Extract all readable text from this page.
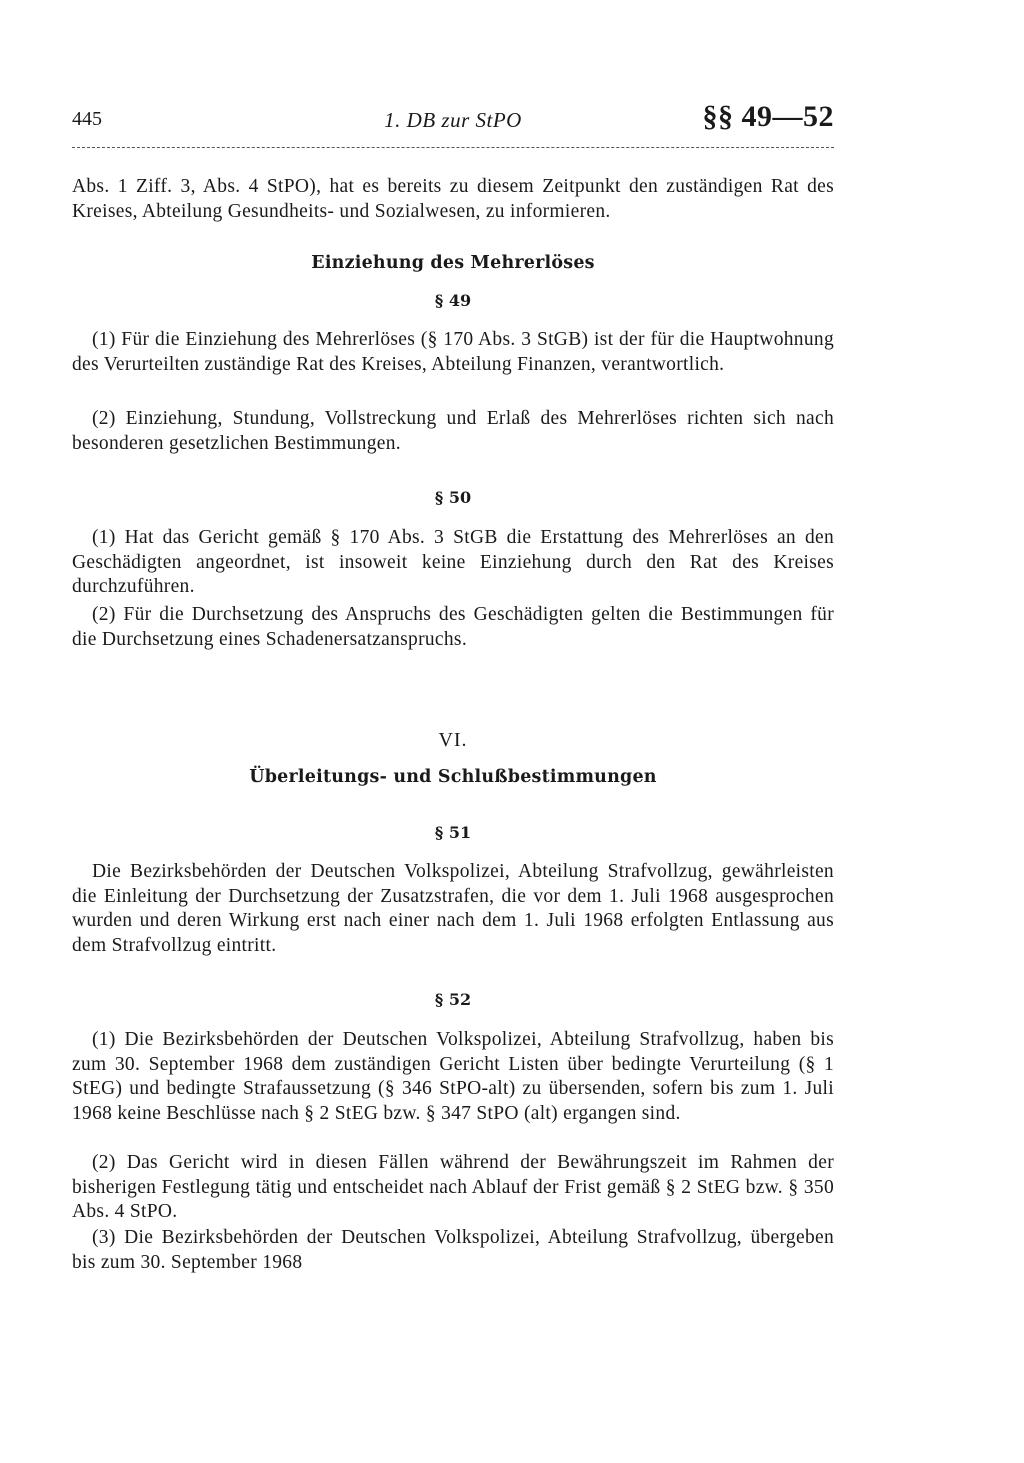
445	1. DB zur StPO	§§ 49—52

Abs. 1 Ziff. 3, Abs. 4 StPO), hat es bereits zu diesem Zeitpunkt den zuständigen Rat des Kreises, Abteilung Gesundheits- und Sozialwesen, zu informieren.

Einziehung des Mehrerlöses

§ 49

(1) Für die Einziehung des Mehrerlöses (§ 170 Abs. 3 StGB) ist der für die Hauptwohnung des Verurteilten zuständige Rat des Kreises, Abteilung Finanzen, verantwortlich.

(2) Einziehung, Stundung, Vollstreckung und Erlaß des Mehrerlöses richten sich nach besonderen gesetzlichen Bestimmungen.

§ 50

(1) Hat das Gericht gemäß § 170 Abs. 3 StGB die Erstattung des Mehrerlöses an den Geschädigten angeordnet, ist insoweit keine Einziehung durch den Rat des Kreises durchzuführen.

(2) Für die Durchsetzung des Anspruchs des Geschädigten gelten die Bestimmungen für die Durchsetzung eines Schadenersatzanspruchs.

VI.

Überleitungs- und Schlußbestimmungen

§ 51

Die Bezirksbehörden der Deutschen Volkspolizei, Abteilung Strafvollzug, gewährleisten die Einleitung der Durchsetzung der Zusatzstrafen, die vor dem 1. Juli 1968 ausgesprochen wurden und deren Wirkung erst nach einer nach dem 1. Juli 1968 erfolgten Entlassung aus dem Strafvollzug eintritt.

§ 52

(1) Die Bezirksbehörden der Deutschen Volkspolizei, Abteilung Strafvollzug, haben bis zum 30. September 1968 dem zuständigen Gericht Listen über bedingte Verurteilung (§ 1 StEG) und bedingte Strafaussetzung (§ 346 StPO-alt) zu übersenden, sofern bis zum 1. Juli 1968 keine Beschlüsse nach § 2 StEG bzw. § 347 StPO (alt) ergangen sind.

(2) Das Gericht wird in diesen Fällen während der Bewährungszeit im Rahmen der bisherigen Festlegung tätig und entscheidet nach Ablauf der Frist gemäß § 2 StEG bzw. § 350 Abs. 4 StPO.

(3) Die Bezirksbehörden der Deutschen Volkspolizei, Abteilung Strafvollzug, übergeben bis zum 30. September 1968
